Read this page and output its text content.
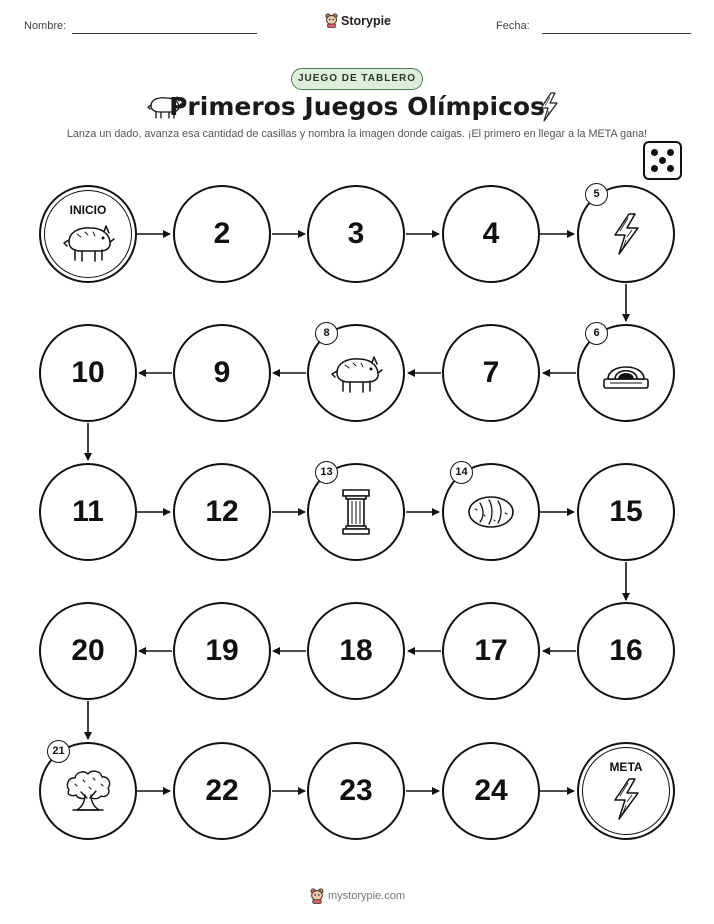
Nombre:	Storypie	Fecha:
JUEGO DE TABLERO
Primeros Juegos Olímpicos
Lanza un dado, avanza esa cantidad de casillas y nombra la imagen donde caigas. ¡El primero en llegar a la META gana!
INICIO
2	3	4
5
6
7
8
9
10
11	12
13	14
15
16
17
18
19
20
21
22	23	24
META
mystorypie.com
